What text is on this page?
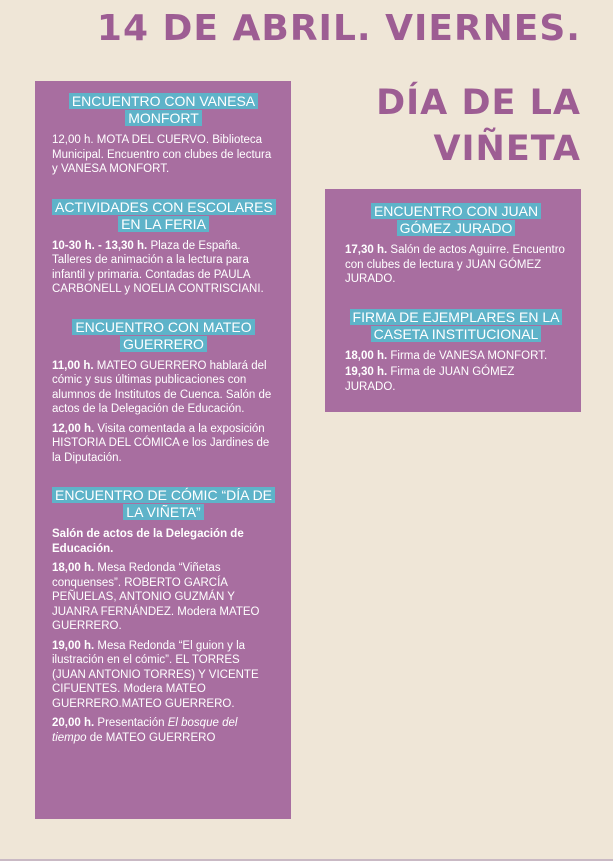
14 DE ABRIL. VIERNES.
DÍA DE LA
VIÑETA
ENCUENTRO CON VANESA MONFORT

12,00 h. MOTA DEL CUERVO. Biblioteca Municipal. Encuentro con clubes de lectura y VANESA MONFORT.

ACTIVIDADES CON ESCOLARES EN LA FERIA

10-30 h. - 13,30 h. Plaza de España. Talleres de animación a la lectura para infantil y primaria. Contadas de PAULA CARBONELL y NOELIA CONTRISCIANI.

ENCUENTRO CON MATEO GUERRERO

11,00 h. MATEO GUERRERO hablará del cómic y sus últimas publicaciones con alumnos de Institutos de Cuenca. Salón de actos de la Delegación de Educación.

12,00 h. Visita comentada a la exposición HISTORIA DEL CÓMICA e los Jardines de la Diputación.

ENCUENTRO DE CÓMIC “DÍA DE LA VIÑETA”

Salón de actos de la Delegación de Educación.

18,00 h. Mesa Redonda “Viñetas conquenses”. ROBERTO GARCÍA PEÑUELAS, ANTONIO GUZMÁN Y JUANRA FERNÁNDEZ. Modera MATEO GUERRERO.

19,00 h. Mesa Redonda “El guion y la ilustración en el cómic”. EL TORRES (JUAN ANTONIO TORRES) Y VICENTE CIFUENTES. Modera MATEO GUERRERO.MATEO GUERRERO.

20,00 h. Presentación El bosque del tiempo de MATEO GUERRERO

ENCUENTRO CON JUAN GÓMEZ JURADO

17,30 h. Salón de actos Aguirre. Encuentro con clubes de lectura y JUAN GÓMEZ JURADO.

FIRMA DE EJEMPLARES EN LA CASETA INSTITUCIONAL

18,00 h. Firma de VANESA MONFORT.

19,30 h. Firma de JUAN GÓMEZ JURADO.
